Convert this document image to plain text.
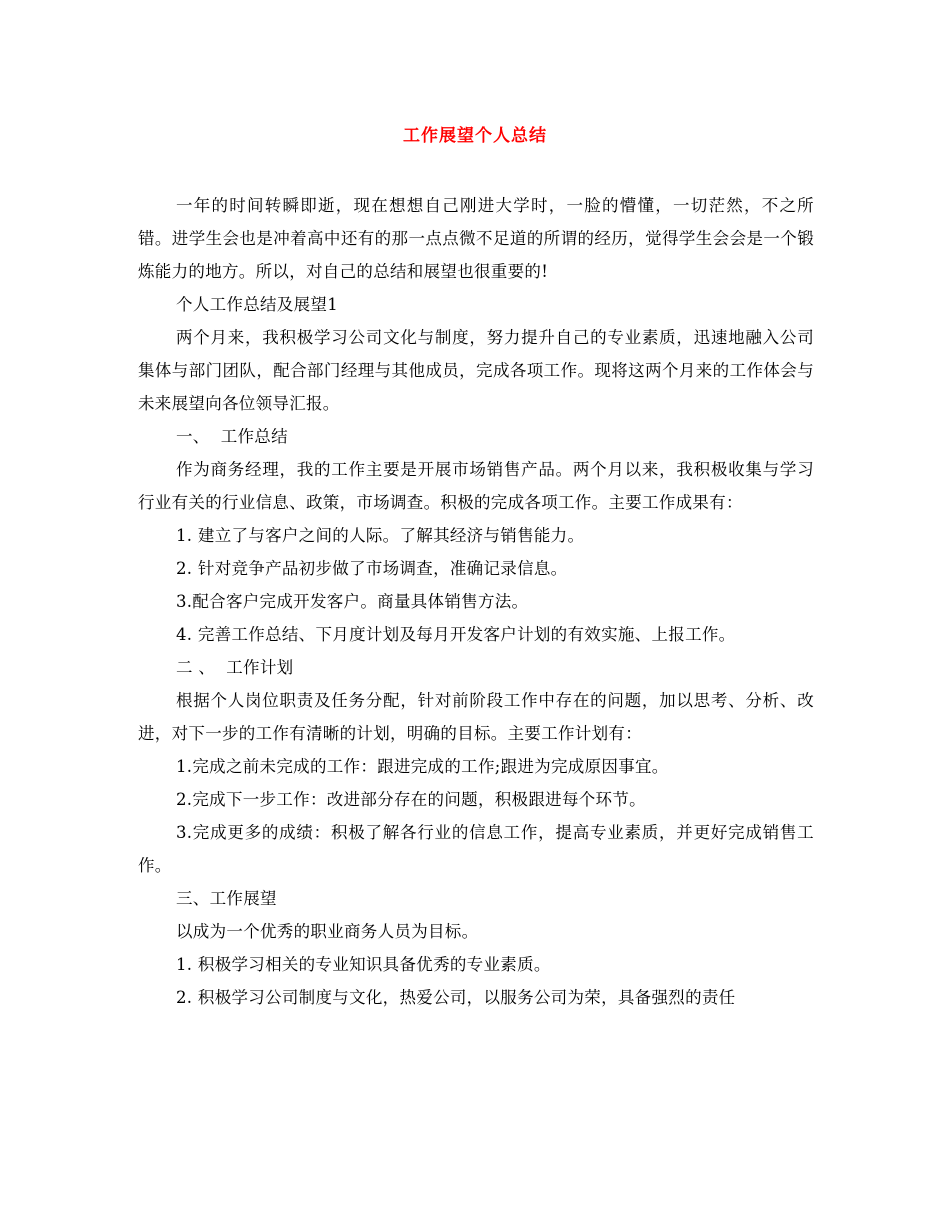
工作展望个人总结

一年的时间转瞬即逝，现在想想自己刚进大学时，一脸的懵懂，一切茫然，不之所错。进学生会也是冲着高中还有的那一点点微不足道的所谓的经历，觉得学生会会是一个锻炼能力的地方。所以，对自己的总结和展望也很重要的!

个人工作总结及展望1

两个月来，我积极学习公司文化与制度，努力提升自己的专业素质，迅速地融入公司集体与部门团队，配合部门经理与其他成员，完成各项工作。现将这两个月来的工作体会与未来展望向各位领导汇报。

一、  工作总结

作为商务经理，我的工作主要是开展市场销售产品。两个月以来，我积极收集与学习行业有关的行业信息、政策，市场调查。积极的完成各项工作。主要工作成果有：

1. 建立了与客户之间的人际。了解其经济与销售能力。

2. 针对竞争产品初步做了市场调查，准确记录信息。

3.配合客户完成开发客户。商量具体销售方法。

4. 完善工作总结、下月度计划及每月开发客户计划的有效实施、上报工作。

二 、  工作计划

根据个人岗位职责及任务分配，针对前阶段工作中存在的问题，加以思考、分析、改进，对下一步的工作有清晰的计划，明确的目标。主要工作计划有：

1.完成之前未完成的工作：跟进完成的工作;跟进为完成原因事宜。

2.完成下一步工作：改进部分存在的问题，积极跟进每个环节。

3.完成更多的成绩：积极了解各行业的信息工作，提高专业素质，并更好完成销售工作。

三、工作展望

以成为一个优秀的职业商务人员为目标。

1. 积极学习相关的专业知识具备优秀的专业素质。

2. 积极学习公司制度与文化，热爱公司，以服务公司为荣，具备强烈的责任
